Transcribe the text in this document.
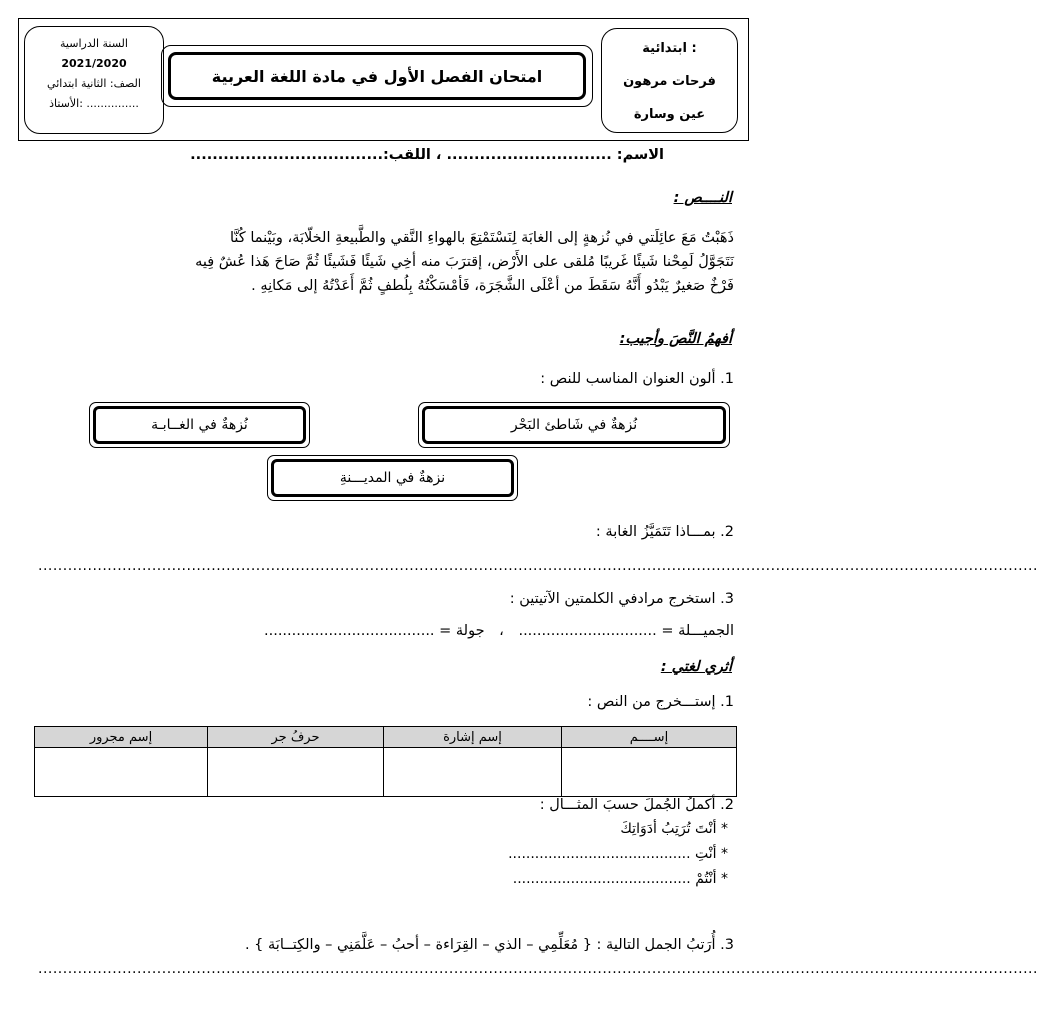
ابتدائية :
فرحات مرهون
عين وسارة
امتحان الفصل الأول في مادة اللغة العربية
السنة الدراسية
2021/2020
الصف: الثانية ابتدائي
الأستاذ: ...............
الاسم: .............................. ، اللقب:...................................
النــــص :
ذَهَبْتُ مَعَ عائِلَتي في نُزهةٍ إلى الغابَة لِنَسْتَمْتِعَ بالهواءِ النَّقي والطَّبيعةِ الخلّابَة، وبَيْنما كُنَّا
نَتَجَوَّلُ لَمِحْنا شَيئًا غَريبًا مُلقى على الأَرْض، إقترَبَ منه أخِي شَيئًا فَشَيئًا ثُمَّ صَاحَ هَذا عُشٌ فِيه
فَرْخٌ صَغيرٌ يَبْدُو أَنَّهُ سَقَطَ من أعْلَى الشَّجَرَة، فَأمْسَكْتُهُ بِلُطفٍ ثُمَّ أَعَدْتُهُ إلى مَكانِهِ .
أفهمُ النَّصَ وأجيب:
1. ألون العنوان المناسب للنص :
نُزهةٌ في شَاطئ البَحْر
نُزهةٌ في الغــابـة
نزهةٌ في المديـــنةِ
2. بمـــاذا تَتَمَيَّزُ الغابة :
..........................................................................................................................................................................................................
3. استخرج مرادفي الكلمتين الآتيتين :
الجميـــلة = .............................. ، جولة = .....................................
أثري لغتي :
1. إستـــخرج من النص :
إســــم	إسم إشارة	حرفُ جر	إسم مجرور

2. أكملُ الجُملَ حسبَ المثـــال :
* أنْتَ تُرَتِبُ أدَوَاتِكَ
* أنْتِ .........................................
* أنْتُمْ ........................................
3. أُرَتبُ الجمل التالية : { مُعَلِّمِي – الذي – القِرَاءة – أحبُ – عَلَّمَنِي – والكِتــابَة } .
..........................................................................................................................................................................................................
